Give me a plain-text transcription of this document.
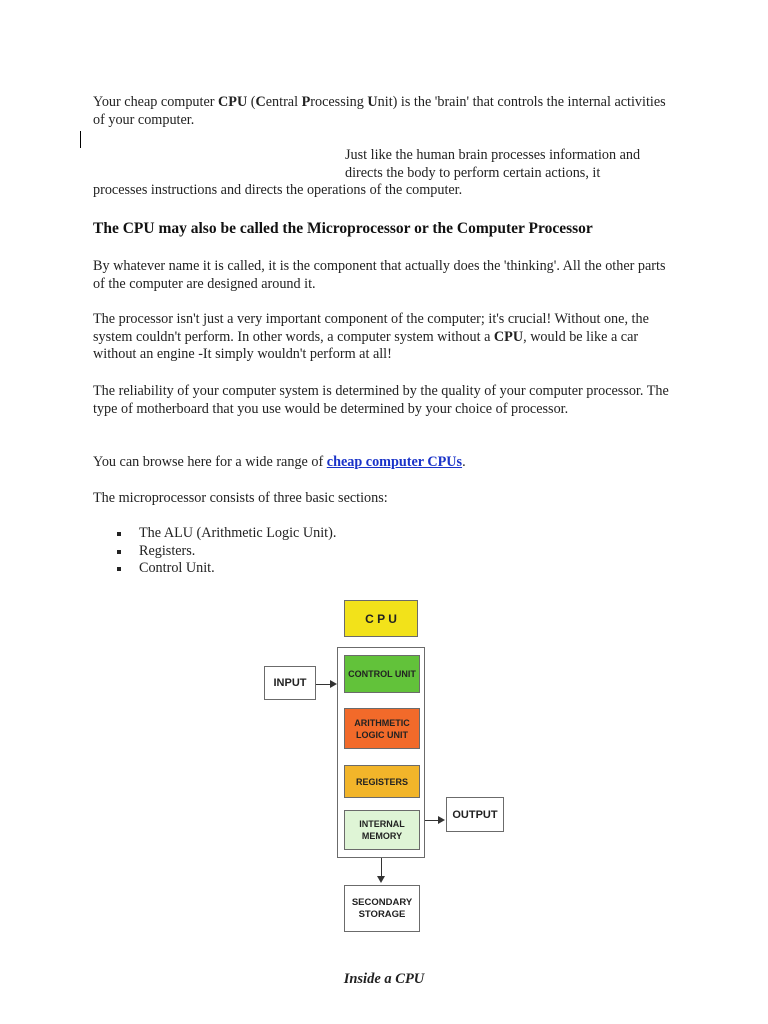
Your cheap computer CPU (Central Processing Unit) is the 'brain' that controls the internal activities of your computer.

Just like the human brain processes information and
directs the body to perform certain actions, it
processes instructions and directs the operations of the computer.
The CPU may also be called the Microprocessor or the Computer Processor

By whatever name it is called, it is the component that actually does the 'thinking'. All the other parts of the computer are designed around it.

The processor isn't just a very important component of the computer; it's crucial! Without one, the system couldn't perform. In other words, a computer system without a CPU, would be like a car without an engine -It simply wouldn't perform at all!

The reliability of your computer system is determined by the quality of your computer processor. The type of motherboard that you use would be determined by your choice of processor.

You can browse here for a wide range of cheap computer CPUs.

The microprocessor consists of three basic sections:

The ALU (Arithmetic Logic Unit).
Registers.
Control Unit.
C P U
INPUT
CONTROL UNIT
ARITHMETIC
LOGIC UNIT
REGISTERS
INTERNAL
MEMORY
OUTPUT
SECONDARY
STORAGE

Inside a CPU
